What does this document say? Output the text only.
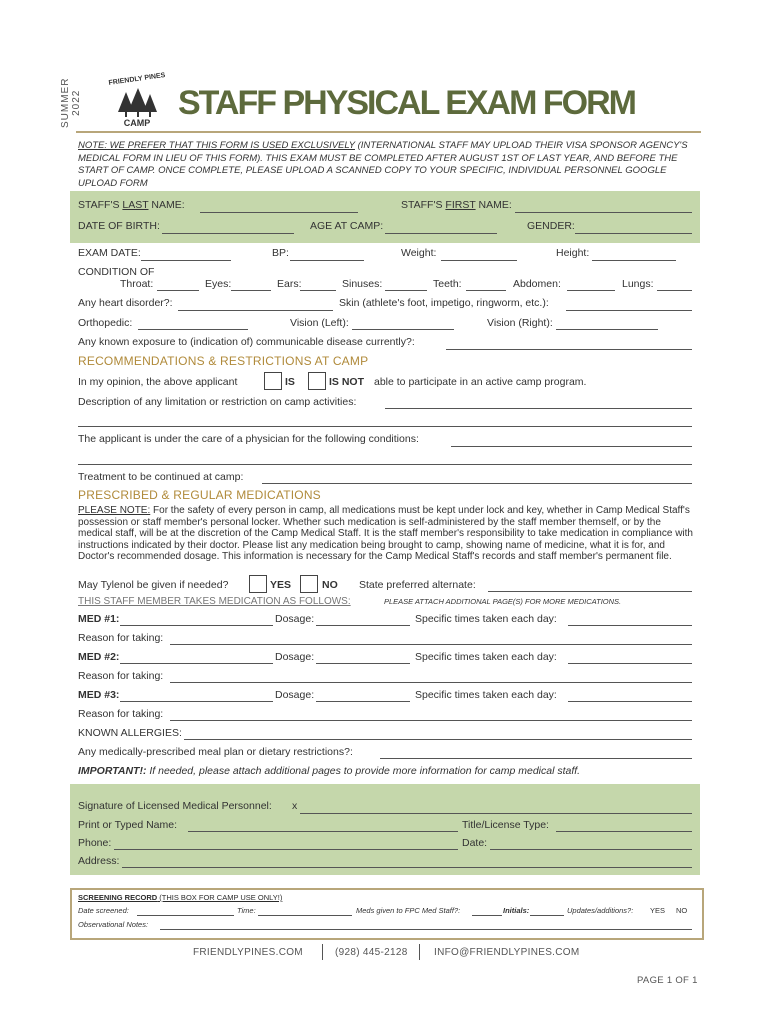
SUMMER 2022
FRIENDLY PINES
CAMP
STAFF PHYSICAL EXAM FORM
NOTE: WE PREFER THAT THIS FORM IS USED EXCLUSIVELY (INTERNATIONAL STAFF MAY UPLOAD THEIR VISA SPONSOR AGENCY'S MEDICAL FORM IN LIEU OF THIS FORM). THIS EXAM MUST BE COMPLETED AFTER AUGUST 1ST OF LAST YEAR, AND BEFORE THE START OF CAMP. ONCE COMPLETE, PLEASE UPLOAD A SCANNED COPY TO YOUR SPECIFIC, INDIVIDUAL PERSONNEL GOOGLE UPLOAD FORM
STAFF'S LAST NAME:	STAFF'S FIRST NAME:
DATE OF BIRTH:	AGE AT CAMP:	GENDER:
EXAM DATE:	BP:	Weight:	Height:
CONDITION OF
Throat:	Eyes:	Ears:	Sinuses:	Teeth:	Abdomen:	Lungs:
Any heart disorder?:	Skin (athlete's foot, impetigo, ringworm, etc.):
Orthopedic:	Vision (Left):	Vision (Right):
Any known exposure to (indication of) communicable disease currently?:
RECOMMENDATIONS & RESTRICTIONS AT CAMP
In my opinion, the above applicant	IS	IS NOT able to participate in an active camp program.
Description of any limitation or restriction on camp activities:
The applicant is under the care of a physician for the following conditions:
Treatment to be continued at camp:
PRESCRIBED & REGULAR MEDICATIONS
PLEASE NOTE: For the safety of every person in camp, all medications must be kept under lock and key, whether in Camp Medical Staff's possession or staff member's personal locker. Whether such medication is self-administered by the staff member themself, or by the medical staff, will be at the discretion of the Camp Medical Staff. It is the staff member's responsibility to take medication in compliance with instructions indicated by their doctor. Please list any medication being brought to camp, showing name of medicine, what it is for, and Doctor's recommended dosage. This information is necessary for the Camp Medical Staff's records and staff member's permanent file.
May Tylenol be given if needed?	YES	NO State preferred alternate:
THIS STAFF MEMBER TAKES MEDICATION AS FOLLOWS:	PLEASE ATTACH ADDITIONAL PAGE(S) FOR MORE MEDICATIONS.
MED #1:	Dosage:	Specific times taken each day:
Reason for taking:
MED #2:	Dosage:	Specific times taken each day:
Reason for taking:
MED #3:	Dosage:	Specific times taken each day:
Reason for taking:
KNOWN ALLERGIES:
Any medically-prescribed meal plan or dietary restrictions?:
IMPORTANT!: If needed, please attach additional pages to provide more information for camp medical staff.
Signature of Licensed Medical Personnel: x
Print or Typed Name:	Title/License Type:
Phone:	Date:
Address:
SCREENING RECORD (THIS BOX FOR CAMP USE ONLY!)
Date screened:	Time:	Meds given to FPC Med Staff?:	Initials:	Updates/additions?: YES NO
Observational Notes:
FRIENDLYPINES.COM	(928) 445-2128	INFO@FRIENDLYPINES.COM
PAGE 1 OF 1
